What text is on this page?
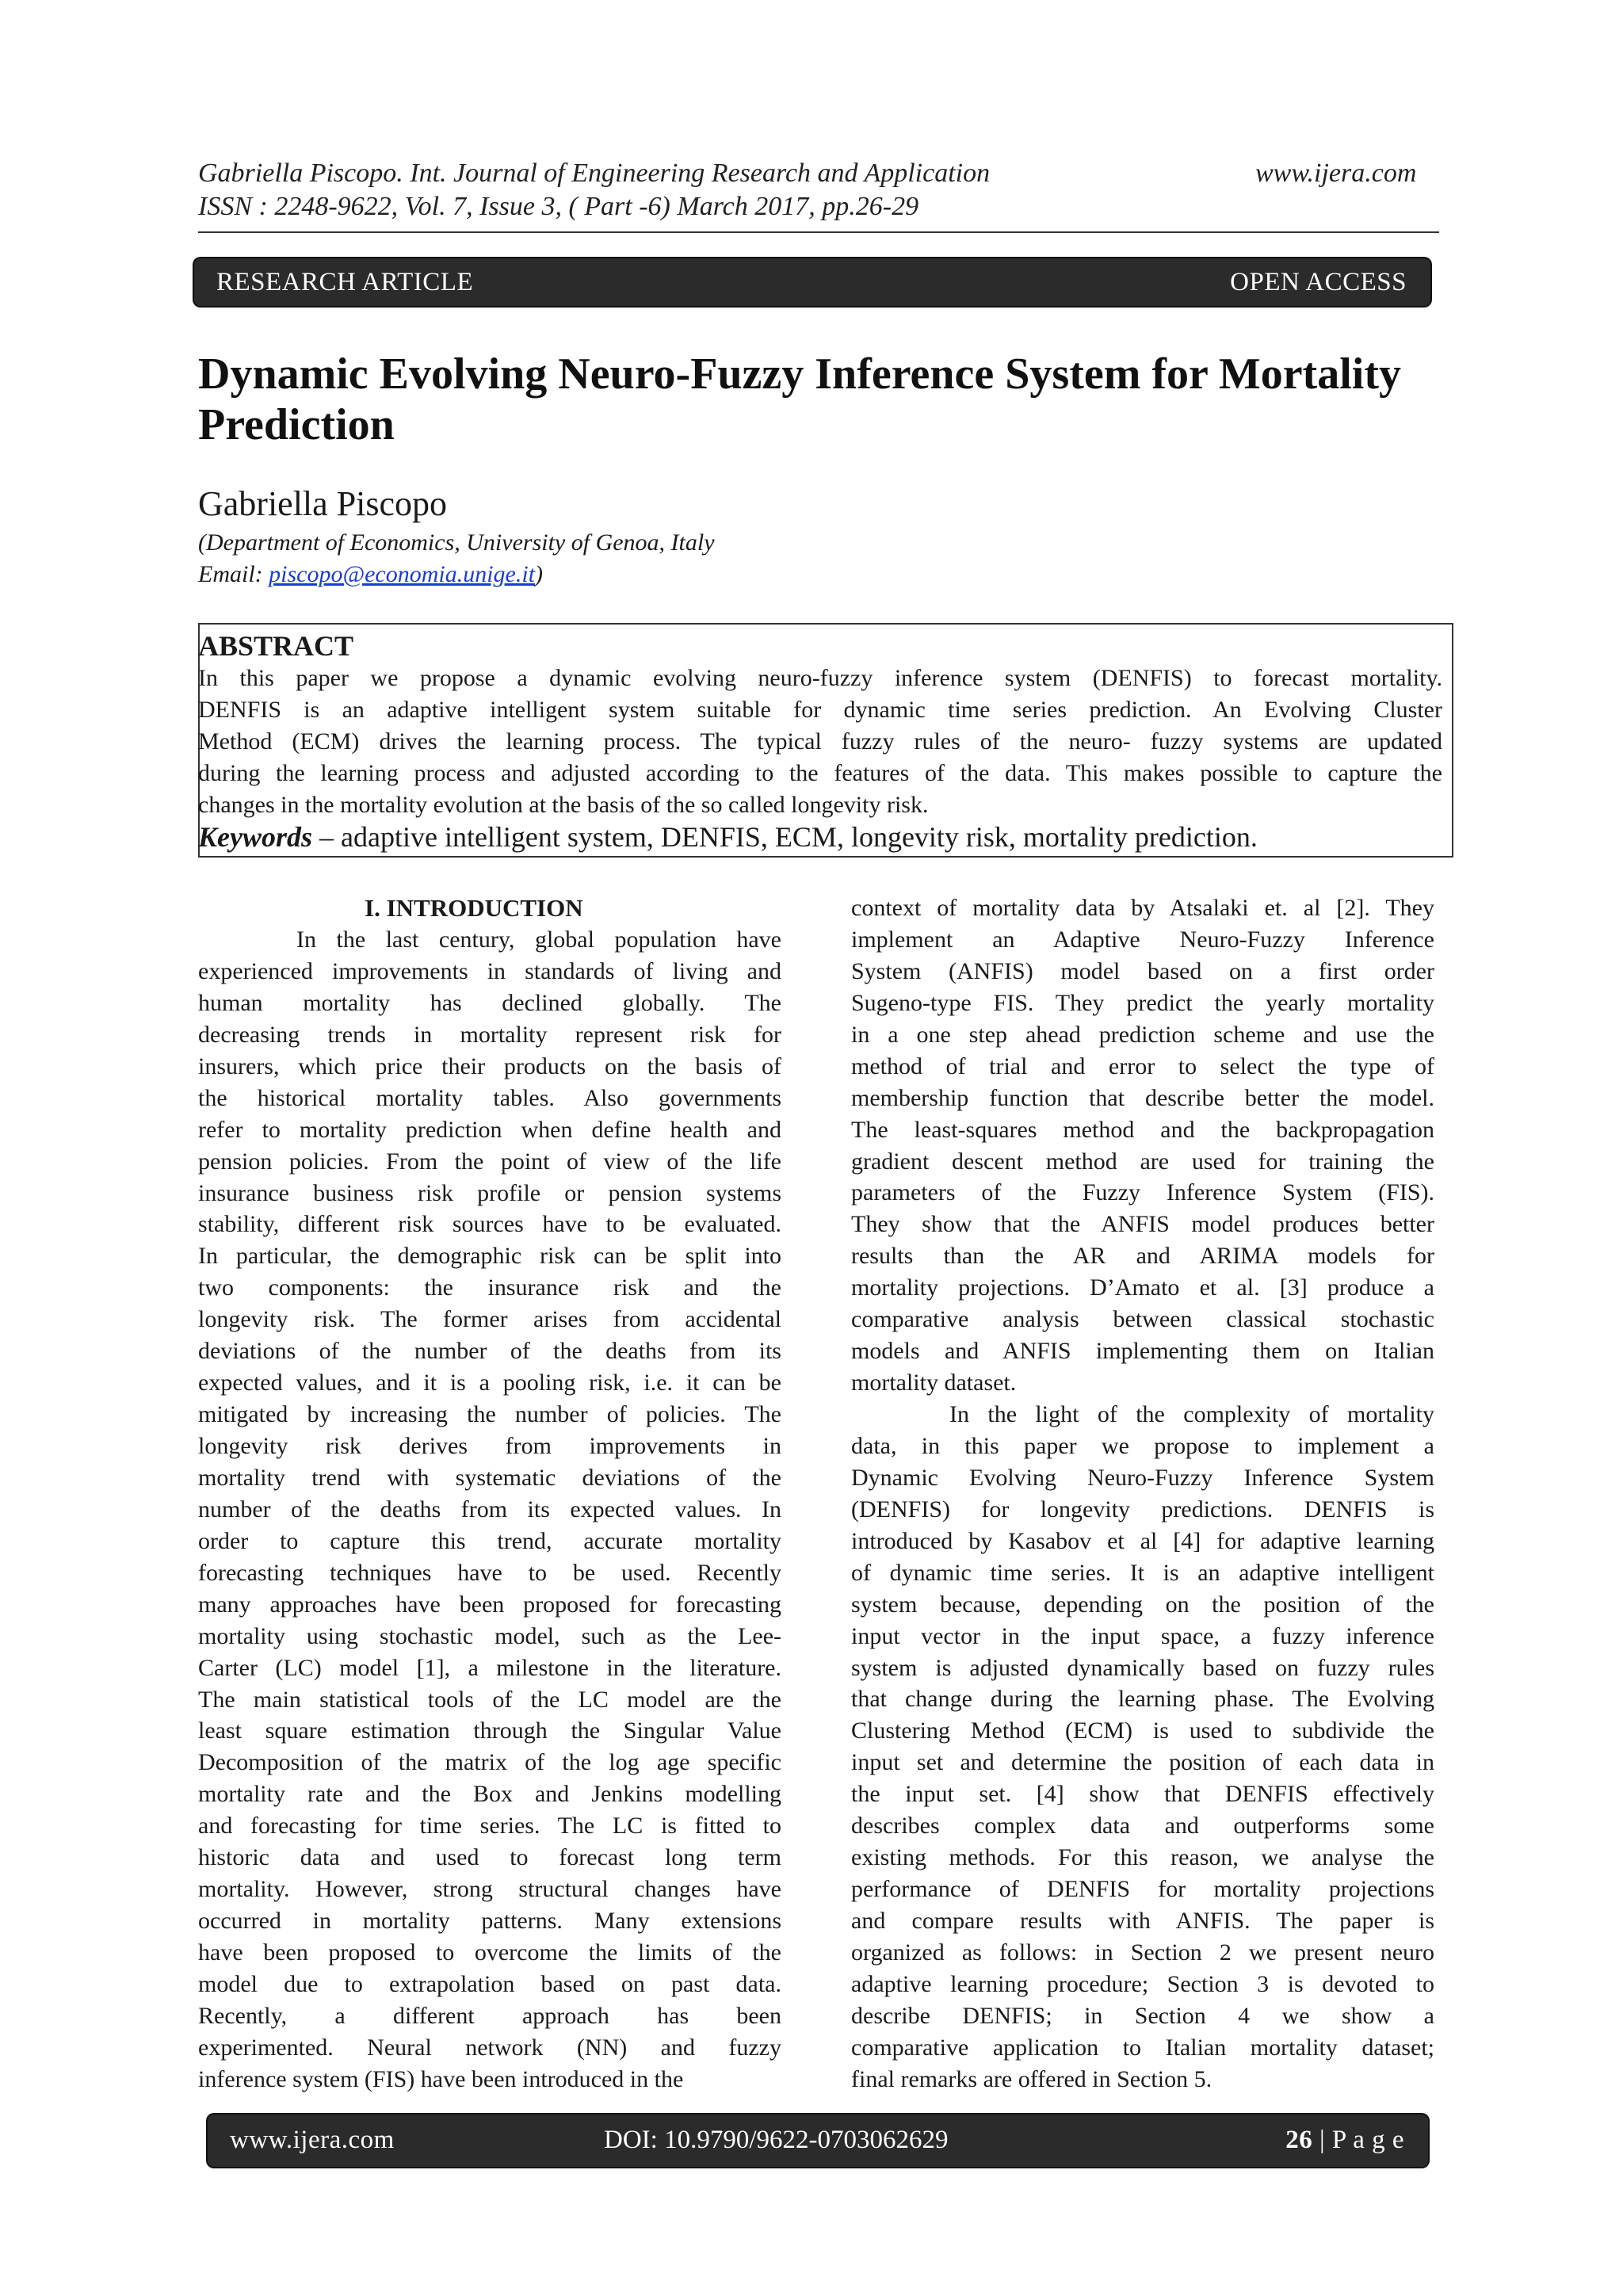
Gabriella Piscopo. Int. Journal of Engineering Research and Application	www.ijera.com
ISSN : 2248-9622, Vol. 7, Issue 3, ( Part -6) March 2017, pp.26-29
RESEARCH ARTICLE	OPEN ACCESS
Dynamic Evolving Neuro-Fuzzy Inference System for Mortality Prediction
Gabriella Piscopo
(Department of Economics, University of Genoa, Italy
Email: piscopo@economia.unige.it)
ABSTRACT
In this paper we propose a dynamic evolving neuro-fuzzy inference system (DENFIS) to forecast mortality.
DENFIS is an adaptive intelligent system suitable for dynamic time series prediction. An Evolving Cluster
Method (ECM) drives the learning process. The typical fuzzy rules of the neuro- fuzzy systems are updated
during the learning process and adjusted according to the features of the data. This makes possible to capture the
changes in the mortality evolution at the basis of the so called longevity risk.
Keywords – adaptive intelligent system, DENFIS, ECM, longevity risk, mortality prediction.
I. INTRODUCTION
In the last century, global population have
experienced improvements in standards of living and
human mortality has declined globally. The
decreasing trends in mortality represent risk for
insurers, which price their products on the basis of
the historical mortality tables. Also governments
refer to mortality prediction when define health and
pension policies. From the point of view of the life
insurance business risk profile or pension systems
stability, different risk sources have to be evaluated.
In particular, the demographic risk can be split into
two components: the insurance risk and the
longevity risk. The former arises from accidental
deviations of the number of the deaths from its
expected values, and it is a pooling risk, i.e. it can be
mitigated by increasing the number of policies. The
longevity risk derives from improvements in
mortality trend with systematic deviations of the
number of the deaths from its expected values. In
order to capture this trend, accurate mortality
forecasting techniques have to be used. Recently
many approaches have been proposed for forecasting
mortality using stochastic model, such as the Lee-
Carter (LC) model [1], a milestone in the literature.
The main statistical tools of the LC model are the
least square estimation through the Singular Value
Decomposition of the matrix of the log age specific
mortality rate and the Box and Jenkins modelling
and forecasting for time series. The LC is fitted to
historic data and used to forecast long term
mortality. However, strong structural changes have
occurred in mortality patterns. Many extensions
have been proposed to overcome the limits of the
model due to extrapolation based on past data.
Recently, a different approach has been
experimented. Neural network (NN) and fuzzy
inference system (FIS) have been introduced in the
context of mortality data by Atsalaki et. al [2]. They
implement an Adaptive Neuro-Fuzzy Inference
System (ANFIS) model based on a first order
Sugeno-type FIS. They predict the yearly mortality
in a one step ahead prediction scheme and use the
method of trial and error to select the type of
membership function that describe better the model.
The least-squares method and the backpropagation
gradient descent method are used for training the
parameters of the Fuzzy Inference System (FIS).
They show that the ANFIS model produces better
results than the AR and ARIMA models for
mortality projections. D’Amato et al. [3] produce a
comparative analysis between classical stochastic
models and ANFIS implementing them on Italian
mortality dataset.
In the light of the complexity of mortality
data, in this paper we propose to implement a
Dynamic Evolving Neuro-Fuzzy Inference System
(DENFIS) for longevity predictions. DENFIS is
introduced by Kasabov et al [4] for adaptive learning
of dynamic time series. It is an adaptive intelligent
system because, depending on the position of the
input vector in the input space, a fuzzy inference
system is adjusted dynamically based on fuzzy rules
that change during the learning phase. The Evolving
Clustering Method (ECM) is used to subdivide the
input set and determine the position of each data in
the input set. [4] show that DENFIS effectively
describes complex data and outperforms some
existing methods. For this reason, we analyse the
performance of DENFIS for mortality projections
and compare results with ANFIS. The paper is
organized as follows: in Section 2 we present neuro
adaptive learning procedure; Section 3 is devoted to
describe DENFIS; in Section 4 we show a
comparative application to Italian mortality dataset;
final remarks are offered in Section 5.
www.ijera.com	DOI: 10.9790/9622-0703062629	26 | P a g e
